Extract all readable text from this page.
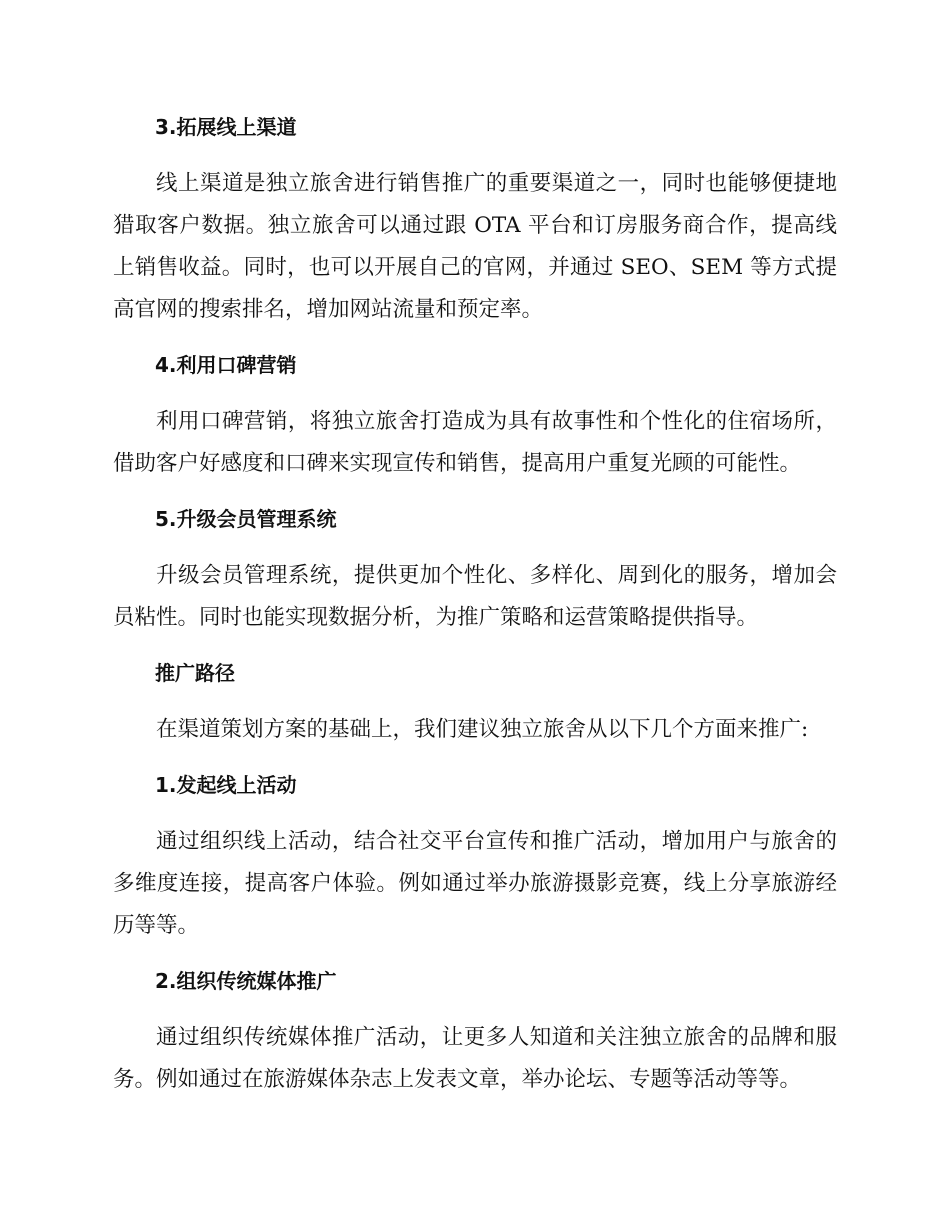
3.拓展线上渠道

线上渠道是独立旅舍进行销售推广的重要渠道之一，同时也能够便捷地猎取客户数据。独立旅舍可以通过跟 OTA 平台和订房服务商合作，提高线上销售收益。同时，也可以开展自己的官网，并通过 SEO、SEM 等方式提高官网的搜索排名，增加网站流量和预定率。

4.利用口碑营销

利用口碑营销，将独立旅舍打造成为具有故事性和个性化的住宿场所，借助客户好感度和口碑来实现宣传和销售，提高用户重复光顾的可能性。

5.升级会员管理系统

升级会员管理系统，提供更加个性化、多样化、周到化的服务，增加会员粘性。同时也能实现数据分析，为推广策略和运营策略提供指导。

推广路径

在渠道策划方案的基础上，我们建议独立旅舍从以下几个方面来推广:

1.发起线上活动

通过组织线上活动，结合社交平台宣传和推广活动，增加用户与旅舍的多维度连接，提高客户体验。例如通过举办旅游摄影竞赛，线上分享旅游经历等等。

2.组织传统媒体推广

通过组织传统媒体推广活动，让更多人知道和关注独立旅舍的品牌和服务。例如通过在旅游媒体杂志上发表文章，举办论坛、专题等活动等等。
